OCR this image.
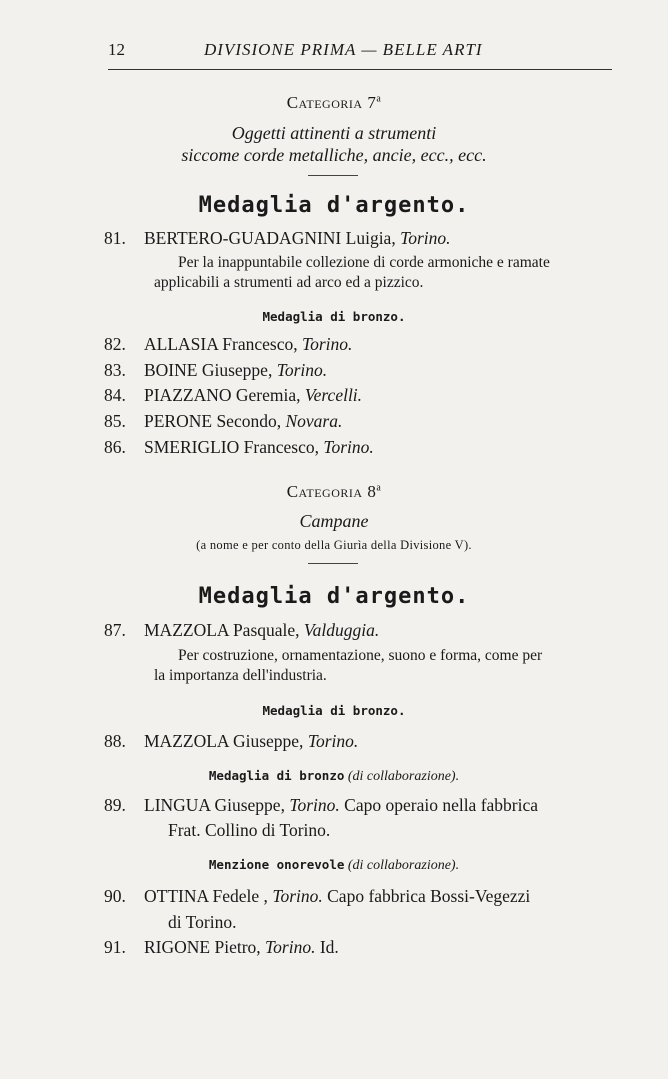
12	DIVISIONE PRIMA — BELLE ARTI
Categoria 7$^a$
Oggetti attinenti a strumenti
siccome corde metalliche, ancie, ecc., ecc.
Medaglia d'argento.
81. BERTERO-GUADAGNINI Luigia, Torino.
Per la inappuntabile collezione di corde armoniche e ramate
applicabili a strumenti ad arco ed a pizzico.
Medaglia di bronzo.
82. ALLASIA Francesco, Torino.
83. BOINE Giuseppe, Torino.
84. PIAZZANO Geremia, Vercelli.
85. PERONE Secondo, Novara.
86. SMERIGLIO Francesco, Torino.
Categoria 8$^a$
Campane
(a nome e per conto della Giurìa della Divisione V).
Medaglia d'argento.
87. MAZZOLA Pasquale, Valduggia.
Per costruzione, ornamentazione, suono e forma, come per
la importanza dell'industria.
Medaglia di bronzo.
88. MAZZOLA Giuseppe, Torino.
Medaglia di bronzo (di collaborazione).
89. LINGUA Giuseppe, Torino. Capo operaio nella fabbrica
Frat. Collino di Torino.
Menzione onorevole (di collaborazione).
90. OTTINA Fedele , Torino. Capo fabbrica Bossi-Vegezzi
di Torino.
91. RIGONE Pietro, Torino. Id.
